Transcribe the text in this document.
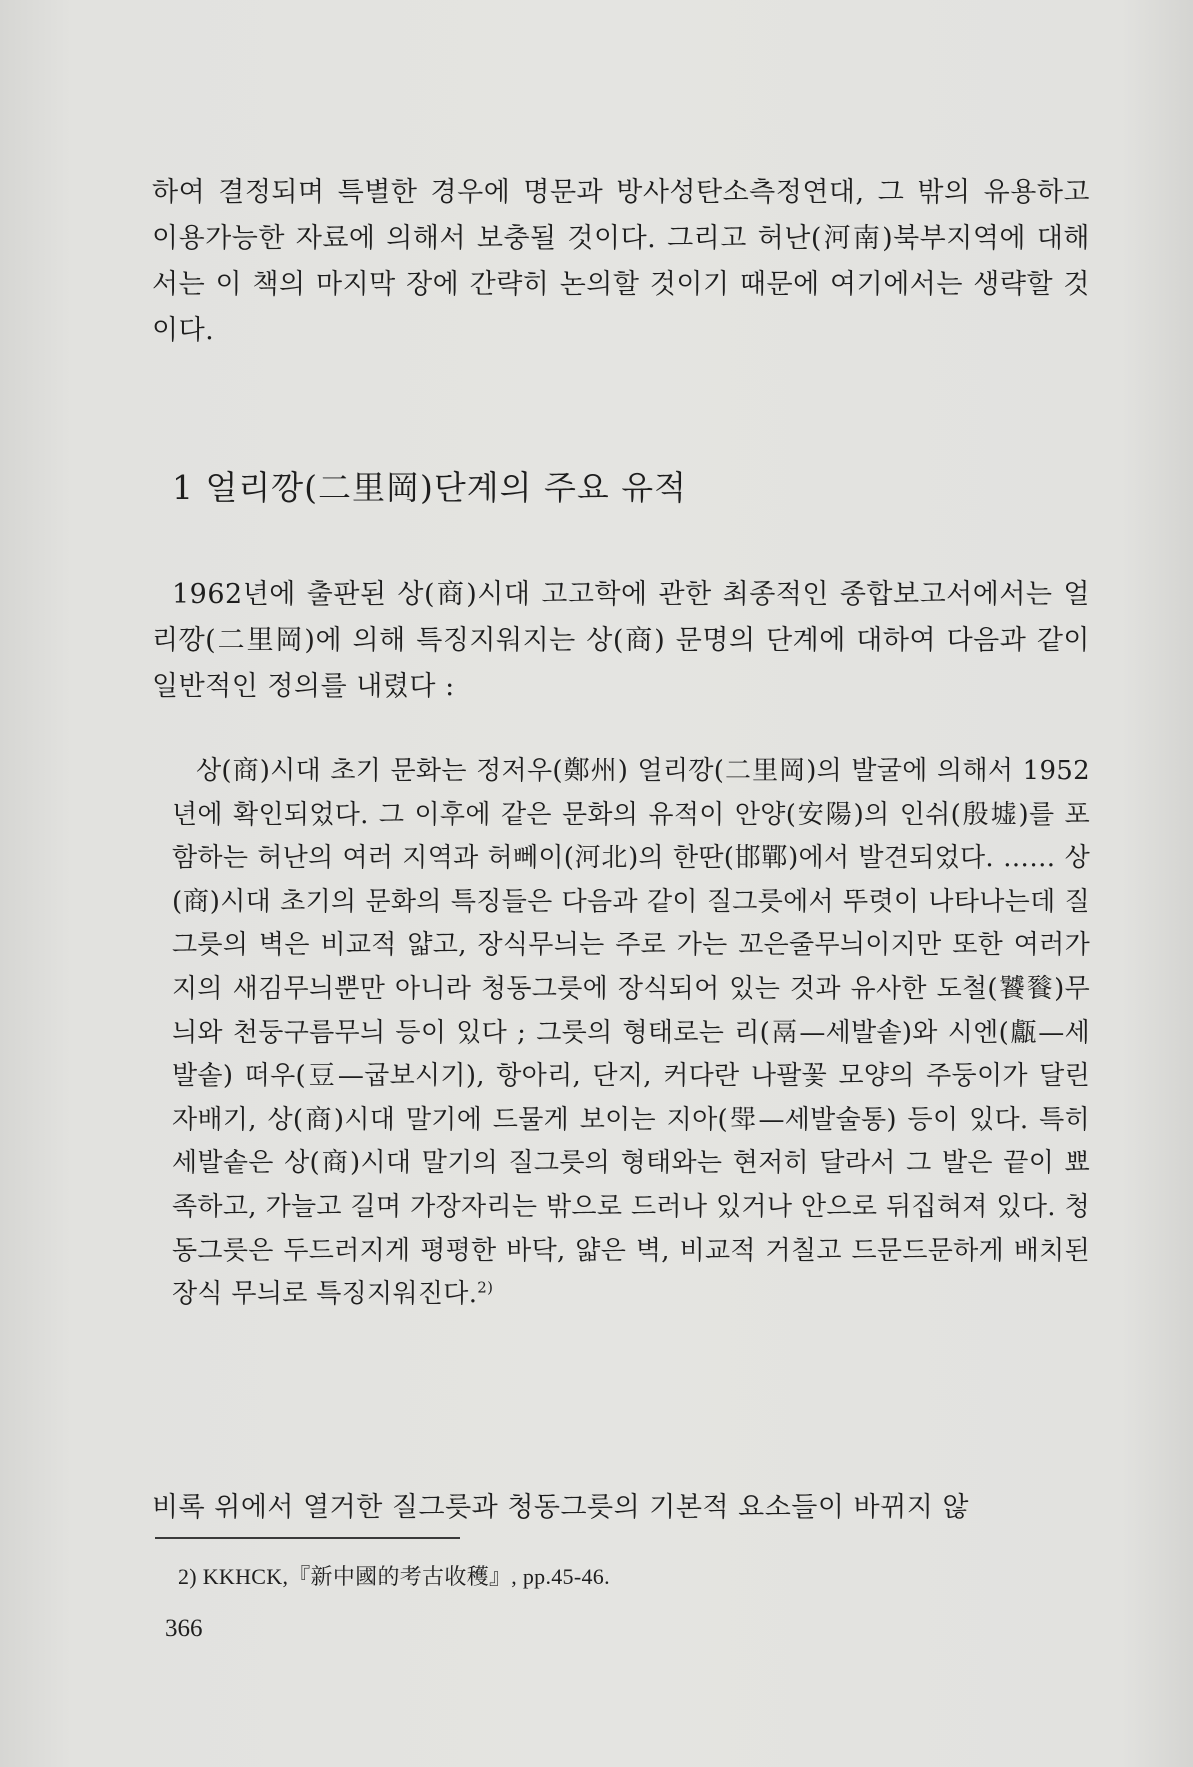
하여 결정되며 특별한 경우에 명문과 방사성탄소측정연대, 그 밖의 유용하고 이용가능한 자료에 의해서 보충될 것이다. 그리고 허난(河南)북부지역에 대해서는 이 책의 마지막 장에 간략히 논의할 것이기 때문에 여기에서는 생략할 것이다.

1 얼리깡(二里岡)단계의 주요 유적

1962년에 출판된 상(商)시대 고고학에 관한 최종적인 종합보고서에서는 얼리깡(二里岡)에 의해 특징지워지는 상(商) 문명의 단계에 대하여 다음과 같이 일반적인 정의를 내렸다 :

상(商)시대 초기 문화는 정저우(鄭州) 얼리깡(二里岡)의 발굴에 의해서 1952년에 확인되었다. 그 이후에 같은 문화의 유적이 안양(安陽)의 인쉬(殷墟)를 포함하는 허난의 여러 지역과 허뻬이(河北)의 한딴(邯鄲)에서 발견되었다. …… 상(商)시대 초기의 문화의 특징들은 다음과 같이 질그릇에서 뚜렷이 나타나는데 질그릇의 벽은 비교적 얇고, 장식무늬는 주로 가는 꼬은줄무늬이지만 또한 여러가지의 새김무늬뿐만 아니라 청동그릇에 장식되어 있는 것과 유사한 도철(饕餮)무늬와 천둥구름무늬 등이 있다 ; 그릇의 형태로는 리(鬲—세발솥)와 시엔(甗—세발솥) 떠우(豆—굽보시기), 항아리, 단지, 커다란 나팔꽃 모양의 주둥이가 달린 자배기, 상(商)시대 말기에 드물게 보이는 지아(斝—세발술통) 등이 있다. 특히 세발솥은 상(商)시대 말기의 질그릇의 형태와는 현저히 달라서 그 발은 끝이 뾰족하고, 가늘고 길며 가장자리는 밖으로 드러나 있거나 안으로 뒤집혀져 있다. 청동그릇은 두드러지게 평평한 바닥, 얇은 벽, 비교적 거칠고 드문드문하게 배치된 장식 무늬로 특징지워진다.$^{2)}$

비록 위에서 열거한 질그릇과 청동그릇의 기본적 요소들이 바뀌지 않

2) KKHCK,『新中國的考古收穫』, pp.45-46.
366
